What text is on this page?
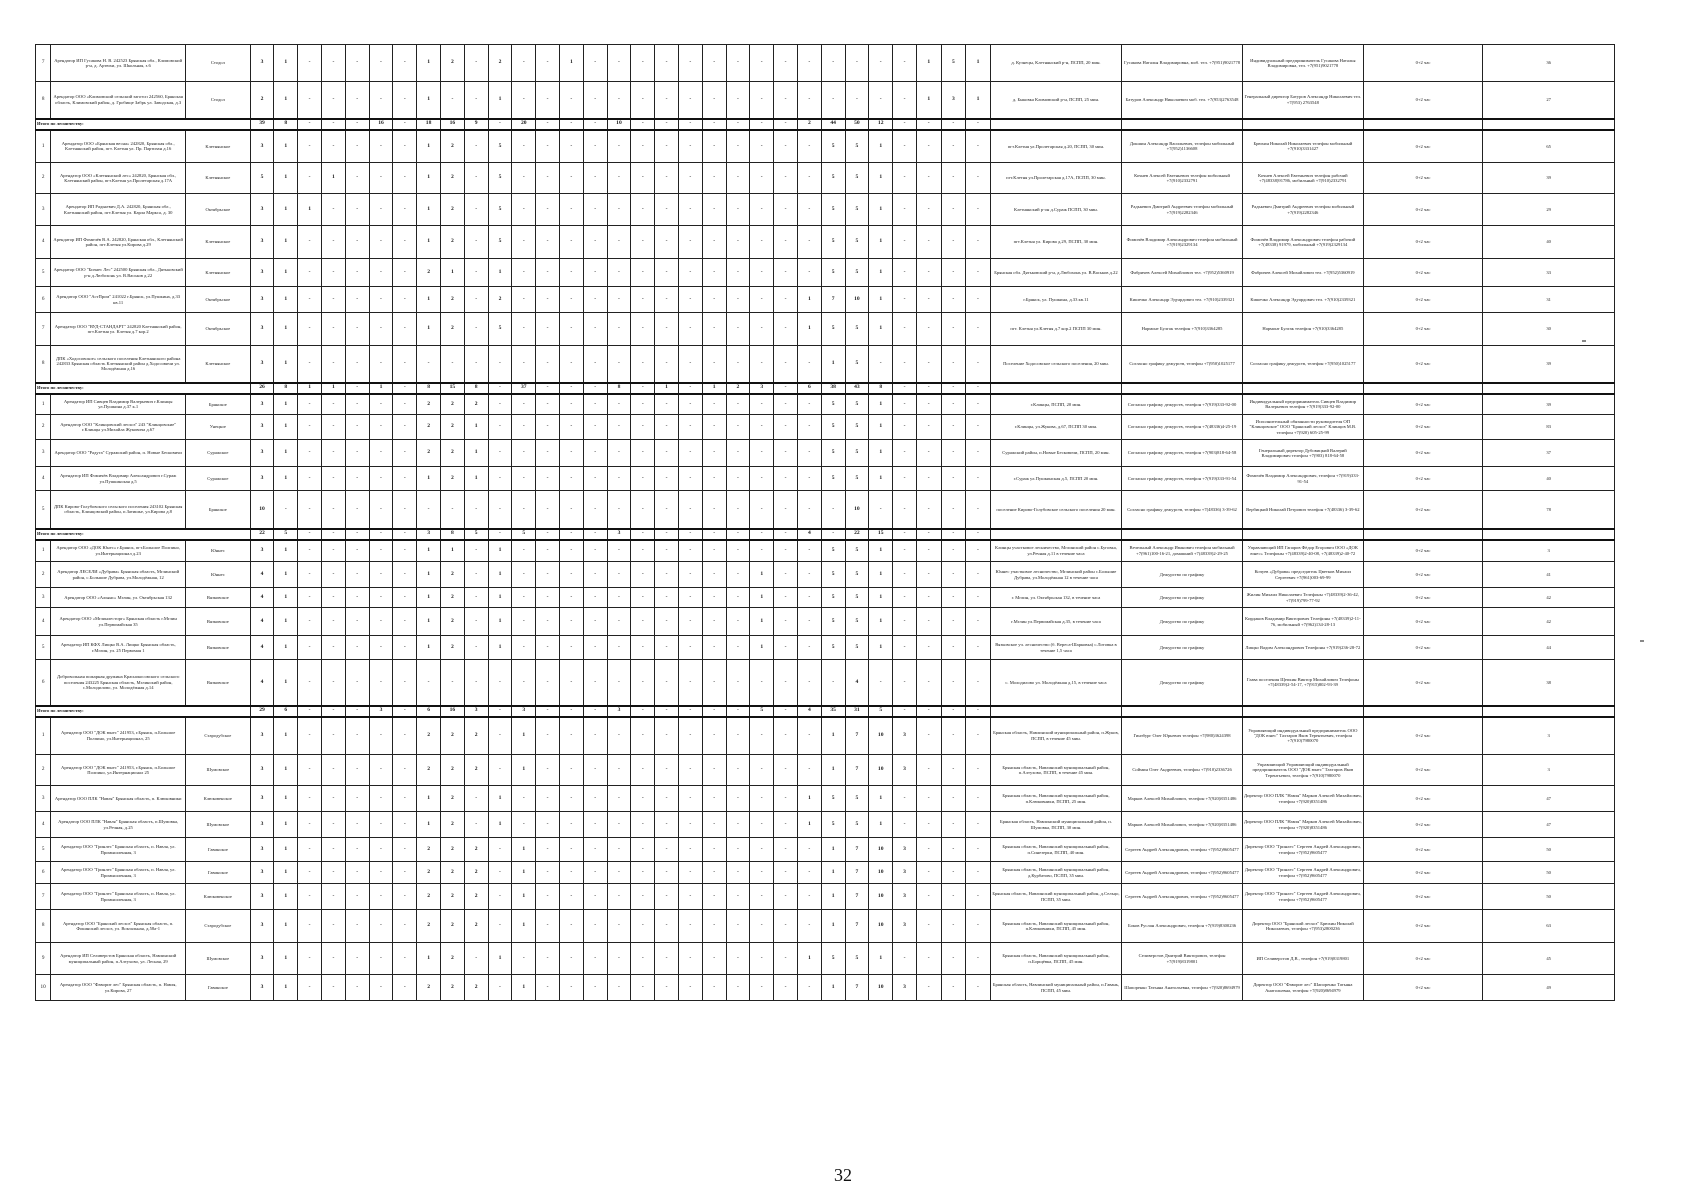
7	Арендатор ИП Гусакова Н. В. 242523 Брянская обл., Климовский р-н, д. Артюхи, ул. Школьная, з.6	Стодол	3	1	-	-	-	-	-	1	2	-	2	-	-	1	-	-	-	-	-	-	-	-	-	-	-	-	-	-	1	5	1	д. Кузнецы, Клетнянский р-н, ПСПП, 20 мин.	Гусакова Наталья Владимировна, моб. тел. +7(951)9021778	Индивидуальный предприниматель Гусакова Наталья Владимировна, тел. +7(951)9021778	0+2 час	36
8	Арендатор ООО «Климовский сельский заготсп 242560, Брянская область, Климовский район, д. Гробище Забрь ул. Заводская, д.3	Стодол	2	1	-	-	-	-	-	1	-	-	1	-	-	-	-	-	-	-	-	-	-	-	-	-	-	-	-	-	1	3	1	д. Быковка Климовский р-н, ПСПП, 25 мин.	Батуров Александр Николаевич моб. тел. +7(953)2763548	Генеральный директор Батуров Александр Николаевич тел. +7(953) 2763548	0+2 час	27
Итого по лесничеству:			39	8	-	-	-	16	-	18	16	9	-	20	-	-	-	10	-	-	-	-	-	-	-	2	44	50	12	-	-	-	-					
1	Арендатор ООО «Брянская весна» 242820, Брянская обл., Клетнянский район, пгт. Клетня ул. Пр. Партизан д.16	Клетнянское	3	1	-	-	-	-	-	1	2	-	5	-	-	-	-	-	-	-	-	-	-	-	-	-	5	5	1	-	-	-	-	пгт.Клетня ул.Пролетарская д.20, ПСПП, 30 мин.	Докшин Александр Васильевич, телефон мобильный +7(952)1136608	Брюхин Николай Николаевич телефон мобильный +7(910)3331427	0+2 час	65
2	Арендатор ООО «Клетнянский лес» 242820, Брянская обл., Клетнянский район, пгт.Клетня ул.Пролетарская д.17А	Клетнянское	5	1	-	1	-	-	-	1	2	-	5	-	-	-	-	-	-	-	-	-	-	-	-	-	5	5	1	-	-	-	-	пгт.Клетня ул.Пролетарская д.17А, ПСПП, 30 мин.	Кочнев Алексей Евгеньевич телефон мобильный +7(910)2332791	Кочнев Алексей Евгеньевич телефон рабочий +7(48338)91786, мобильный +7(910)2332791	0+2 час	39
3	Арендатор ИП Радькевич Д.А. 242820, Брянская обл., Клетнянский район, пгт.Клетня ул. Карла Маркса, д. 30	Октябрьское	3	1	1	-	-	-	-	1	2	-	5	-	-	-	-	-	-	-	-	-	-	-	-	-	5	5	1	-	-	-	-	Клетнянский р-он д.Сураж ПСПП, 30 мин.	Радькевич Дмитрий Андреевич телефон мобильный +7(919)2282346	Радькевич Дмитрий Андреевич телефон мобильный +7(919)2282346	0+2 час	29
4	Арендатор ИП Фомичёв В.А. 242820, Брянская обл., Клетнянский район, пгт.Клетня ул.Кирова д.29	Клетнянское	3	1	-	-	-	-	-	1	2	-	5	-	-	-	-	-	-	-	-	-	-	-	-	-	5	5	1	-	-	-	-	пгт.Клетня ул. Кирова д.29, ПСПП, 30 мин.	Фомичёв Владимир Александрович телефон мобильный +7(919)2329134	Фомичёв Владимир Александрович телефон рабочий +7(48338) 91979, мобильный +7(919)2329134	0+2 час	40
5	Арендатор ООО "Бизнес Лес" 242500 Брянская обл., Дятьковский р-н д.Любохонь ул. В.Васьков д.22	Клетнянское	3	1	-	-	-	-	-	2	1	-	1	-	-	-	-	-	-	-	-	-	-	-	-	-	5	5	1	-	-	-	-	Брянская обл. Дятьковский р-н, д.Любохонь ул. В.Васьков д.22	Фабричев Алексей Михайлович тел. +7(952)5360919	Фабричев Алексей Михайлович тел. +7(952)5360919	0+2 час	33
6	Арендатор ООО "АстПром" 241022 г.Брянск, ул.Пушкина, д.33 кв.11	Октябрьское	3	1	-	-	-	-	-	1	2	-	2	-	-	-	-	-	-	-	-	-	-	-	-	1	7	10	1	-	-	-	-	г.Брянск, ул. Пушкина, д.33 кв.11	Кишечко Александр Эдуардович тел. +7(910)2339321	Кишечко Александр Эдуардович тел. +7(910)2339321	0+2 час	31
7	Арендатор ООО "ВУД-СТАНДАРТ" 242820 Клетнянский район, пгт.Клетня ул. Клетня д.7 кор.2	Октябрьское	3	1	-	-	-	-	-	1	2	-	5	-	-	-	-	-	-	-	-	-	-	-	-	1	5	5	1	-	-	-	-	пгт. Клетня ул.Клетня д.7 кор.2 ПСПП 30 мин.	Нармонт Булгак телефон +7(910)3364285	Нармонт Булгак телефон +7(910)3364285	0+2 час	30
8	ДПК «Ходосовское» сельского поселения Клетнянского района 242833 Брянская область Клетнянский район д.Ходосовичи ул. Молодёжная д.16	Клетнянское	3	1	-	-	-	-	-	-	-	-	-	-	-	-	-	-	-	-	-	-	-	-	-	-	1	5	-	-	-	-	-	Поселение Ходосовское сельского поселения, 20 мин.	Согласно графику дежурств, телефон +7(950)1025177	Согласно графику дежурств, телефон +7(950)1025177	0+2 час	39
Итого по лесничеству:			26	8	1	1	-	1	-	8	15	8	-	37	-	-	-	8	-	1	-	1	2	3	-	6	38	43	8	-	-	-	-					
1	Арендатор ИП Сивцев Владимир Валерьевич г.Клинцы ул.Пушкина д.37 к.1	Брянское	3	1	-	-	-	-	-	2	2	2	-	-	-	-	-	-	-	-	-	-	-	-	-	-	5	5	1	-	-	-	-	г.Клинцы, ПСПП, 20 мин.	Согласно графику дежурств, телефон +7(919)333-92-00	Индивидуальный предприниматель Сивцев Владимир Валерьевич телефон +7(919)333-92-00	0+2 час	39
2	Арендатор ООО "Клинцовский лесхоз" 243 "Клинцовские" г.Клинцы ул.Михайла Жуковича д.67	Унецкое	3	1	-	-	-	-	-	2	2	1	-	-	-	-	-	-	-	-	-	-	-	-	-	-	5	5	1	-	-	-	-	г.Клинцы, ул.Жукова, д.67, ПСПП 30 мин.	Согласно графику дежурств, телефон +7(48336)4-25-19	Исполнительный обязанности руководителя ОП "Клинцовское" ООО "Брянский лесхоз" Клинцов М.В. телефон +7(920) 605-25-99	0+2 час	83
3	Арендатор ООО "Радуга" Суражский район, п. Новые Бесковичи	Суражское	3	1	-	-	-	-	-	2	2	1	-	-	-	-	-	-	-	-	-	-	-	-	-	-	5	5	1	-	-	-	-	Суражский район, п.Новые Бесковичи, ПСПП, 20 мин.	Согласно графику дежурств, телефон +7(903)818-64-58	Генеральный директор Дубовицкий Валерий Владимирович телефон +7(903) 818-64-58	0+2 час	37
4	Арендатор ИП Фомичёв Владимир Александрович г.Сураж ул.Пушкинская д.5	Суражское	3	1	-	-	-	-	-	1	2	1	-	-	-	-	-	-	-	-	-	-	-	-	-	-	5	5	1	-	-	-	-	г.Сураж ул.Пушкинская д.5, ПСПП 20 мин.	Согласно графику дежурств, телефон +7(919)333-91-54	Фомичёв Владимир Александрович, телефон +7(919)333-91-54	0+2 час	40
5	ДПК Кирово-Голубовского сельского поселения 243102 Брянская область, Клинцовский район, п.Затишье, ул.Кирова д.8	Брянское	10	-	-	-	-	-	-	-	-	-	-	-	-	-	-	-	-	-	-	-	-	-	-	-	-	10	-	-	-	-	-	поселение Кирово-Голубовское сельского поселения 20 мин.	Согласно графику дежурств, телефон +7(48336) 3-39-62	Вербицкий Николай Петрович телефон +7(48336) 3-39-62	0+2 час	78
Итого по лесничеству:			22	5	-	-	-	-	-	3	8	5	-	5	-	-	-	3	-	-	-	-	-	-	-	4	-	22	15	-	-	-	-					
1	Арендатор ООО «ДОК Юнес» г.Брянск, пгт.Большое Полпино, ул.Интернационал д.23	Юннес	3	1	-	-	-	-	-	1	1	-	1	-	-	-	-	-	-	-	-	-	-	-	-	-	5	5	1	-	-	-	-	Клинцы участковое лесничество, Мглинский район с.Буговка, ул.Речная д.11 в течение часа	Вечельный Александр Иванович телефон мобильный +7(961)100-16-21, домашний +7(48339)2-29-25	Управляющий ИП Гапаров Фёдор Егорович ООО «ДОК юнес» Телефоны +7(48339)2-40-08, +7(48339)2-40-72	0+2 час	3
2	Арендатор ЛЕСЕЛИ «Дубрава» Брянская область, Мглинский район, с.Большие Дубрава, ул.Молодёжная, 12	Юннес	4	1	-	-	-	-	-	1	2	-	1	-	-	-	-	-	-	-	-	-	-	1	-	-	5	5	1	-	-	-	-	Юннес участковое лесничество, Мглинский район с.Большие Дубрава, ул.Молодёжная 12 в течение часа	Дежурство по графику	Кочуев «Дубрава» председатель Цветков Михаил Сергеевич +7(961)003-69-99	0+2 час	41
3	Арендатор ООО «Альянс» Мглин, ул. Октябрьская 132	Вязковское	4	1	-	-	-	-	-	1	2	-	1	-	-	-	-	-	-	-	-	-	-	1	-	-	5	5	1	-	-	-	-	г. Мглин, ул. Октябрьская 132, в течение часа	Дежурство по графику	Жилин Михаил Николаевич Телефоны +7(48339)2-36-42, +7(919)799-77-92	0+2 час	42
4	Арендатор ООО «Мглинлесторг» Брянская область г.Мглин ул.Первомайская 35	Вязковское	4	1	-	-	-	-	-	1	2	-	1	-	-	-	-	-	-	-	-	-	-	1	-	-	5	5	1	-	-	-	-	г.Мглин ул.Первомайская д.35, в течение часа	Дежурство по графику	Кирдаков Владимир Викторович Телефоны +7(48339)2-11-76, мобильный +7(962)134-28-13	0+2 час	42
5	Арендатор ИП КФХ Лищко В.А. Лищко Брянская область, г.Мглин, ул. 25 Первомая 1	Вязковское	4	1	-	-	-	-	-	1	2	-	1	-	-	-	-	-	-	-	-	-	-	1	-	-	5	5	1	-	-	-	-	Вязковское уч. лесничество (б. Вереса-Шарковка) с.Лотовка в течение 1,5 часа	Дежурство по графику	Лищко Вадим Александрович Телефоны +7(919)236-28-72	0+2 час	44
6	Добровольная пожарная дружина Краснокосовского сельского поселения 243225 Брянская область, Мглинский район, с.Молодилово, ул. Молодёжная д.14	Вязковское	4	1	-	-	-	-	-	-	-	-	-	-	-	-	-	-	-	-	-	-	-	-	-	-	-	4	-	-	-	-	-	с. Молодилово ул. Молодёжная д.15, в течение часа	Дежурство по графику	Глава поселения Щепкин Виктор Михайлович Телефоны +7(48339)2-54-17, +7(915)802-93-39	0+2 час	38
Итого по лесничеству:			29	6	-	-	-	3	-	6	16	3	-	3	-	-	-	3	-	-	-	-	-	5	-	4	35	31	5	-	-	-	-					
1	Арендатор ООО "ДОК юнес" 241953, г.Брянск, п.Большое Полпино, ул.Интернационал, 25	Стародубское	3	1	-	-	-	-	-	2	2	2	-	1	-	-	-	-	-	-	-	-	-	-	-	-	1	7	10	3	-	-	-	Брянская область, Навлинский муниципальный район, п.Жуков, ПСПП, в течение 45 мин.	Гинзбург Олег Юрьевич телефон +7(980)3624398	Управляющий индивидуальный предприниматель ООО "ДОК юнес" Тахтаров Яков Терентьевич, телефон +7(910)7980070	0+2 час	3
2	Арендатор ООО "ДОК юнес" 241953, г.Брянск, п.Большое Полпино, ул.Интернационал 25	Шумовское	3	1	-	-	-	-	-	2	2	2	-	1	-	-	-	-	-	-	-	-	-	-	-	-	1	7	10	3	-	-	-	Брянская область, Навлинский муниципальный район, п.Алтухово, ПСПП, в течение 45 мин.	Соймин Олег Андреевич, телефон +7(910)2336726	Управляющий Управляющий индивидуальный предприниматель ООО "ДОК юнес" Тахтаров Яков Терентьевич, телефон +7(910)7980070	0+2 час	3
3	Арендатор ООО ПЛК "Навля" Брянская область, п. Клюковники	Клюковенское	3	1	-	-	-	-	-	1	2	-	1	-	-	-	-	-	-	-	-	-	-	-	-	1	5	5	1	-	-	-	-	Брянская область, Навлинский муниципальный район, п.Клюковники, ПСПП, 25 мин.	Марков Алексей Михайлович, телефон +7(920)8351486	Директор ООО ПЛК "Навля" Марков Алексей Михайлович, телефон +7(920)8351486	0+2 час	47
4	Арендатор ООО ПЛК "Навля" Брянская область, п.Шумовка, ул.Речная, д.25	Шумовское	3	1	-	-	-	-	-	1	2	-	1	-	-	-	-	-	-	-	-	-	-	-	-	1	5	5	1	-	-	-	-	Брянская область, Навлинский муниципальный район, п. Шумовка, ПСПП, 30 мин.	Марков Алексей Михайлович, телефон +7(920)8351486	Директор ООО ПЛК "Навля" Марков Алексей Михайлович, телефон +7(920)8351486	0+2 час	47
5	Арендатор ООО "Гринлес" Брянская область, п. Навля, ул. Промышленная, 3	Гавинское	3	1	-	-	-	-	-	2	2	2	-	1	-	-	-	-	-	-	-	-	-	-	-	-	1	7	10	3	-	-	-	Брянская область, Навлинский муниципальный район, п.Синезерки, ПСПП, 40 мин.	Сергеев Андрей Александрович, телефон +7(952)9605477	Директор ООО "Гринлес" Сергеев Андрей Александрович, телефон +7(952)9605477	0+2 час	50
6	Арендатор ООО "Гринлес" Брянская область, п. Навля, ул. Промышленная, 3	Гавинское	3	1	-	-	-	-	-	2	2	2	-	1	-	-	-	-	-	-	-	-	-	-	-	-	1	7	10	3	-	-	-	Брянская область, Навлинский муниципальный район, д.Курбатово, ПСПП, 35 мин.	Сергеев Андрей Александрович, телефон +7(952)9605477	Директор ООО "Гринлес" Сергеев Андрей Александрович, телефон +7(952)9605477	0+2 час	50
7	Арендатор ООО "Гринлес" Брянская область, п. Навля, ул. Промышленная, 3	Клюковенское	3	1	-	-	-	-	-	2	2	2	-	1	-	-	-	-	-	-	-	-	-	-	-	-	1	7	10	3	-	-	-	Брянская область, Навлинский муниципальный район, д.Сельцо, ПСПП, 35 мин.	Сергеев Андрей Александрович, телефон +7(952)9605477	Директор ООО "Гринлес" Сергеев Андрей Александрович, телефон +7(952)9605477	0+2 час	50
8	Арендатор ООО "Брянский лесхоз" Брянская область, п. Фокинский лесхоз, ул. Вокзальная, д.58а-1	Стародубское	3	1	-	-	-	-	-	2	2	2	-	1	-	-	-	-	-	-	-	-	-	-	-	-	1	7	10	3	-	-	-	Брянская область, Навлинский муниципальный район, п.Клюковники, ПСПП, 45 мин.	Боков Руслан Александрович, телефон +7(919)8300236	Директор ООО "Брянский лесхоз" Брюхин Николай Николаевич, телефон +7(953)2800236	0+2 час	63
9	Арендатор ИП Селиверстов Брянская область, Навлинский муниципальный район, п.Алтухово, ул. Лесная, 29	Шумовское	3	1	-	-	-	-	-	1	2	-	1	-	-	-	-	-	-	-	-	-	-	-	-	1	5	5	1	-	-	-	-	Брянская область, Навлинский муниципальный район, п.Борщёвка, ПСПП, 45 мин.	Селиверстов Дмитрий Викторович, телефон +7(919)8319801	ИП Селиверстов Д.В., телефон +7(919)8319801	0+2 час	45
10	Арендатор ООО "Фаворит лес" Брянская область, п. Навля, ул.Кирова, 27	Гавинское	3	1	-	-	-	-	-	2	2	2	-	1	-	-	-	-	-	-	-	-	-	-	-	-	1	7	10	3	-	-	-	Брянская область, Навлинский муниципальный район, п.Гавань, ПСПП, 45 мин.	Шапоренко Татьяна Анатольевна, телефон +7(920)8694979	Директор ООО "Фаворит лес" Шапоренко Татьяна Анатольевна, телефон +7(920)8694979	0+2 час	49
32
